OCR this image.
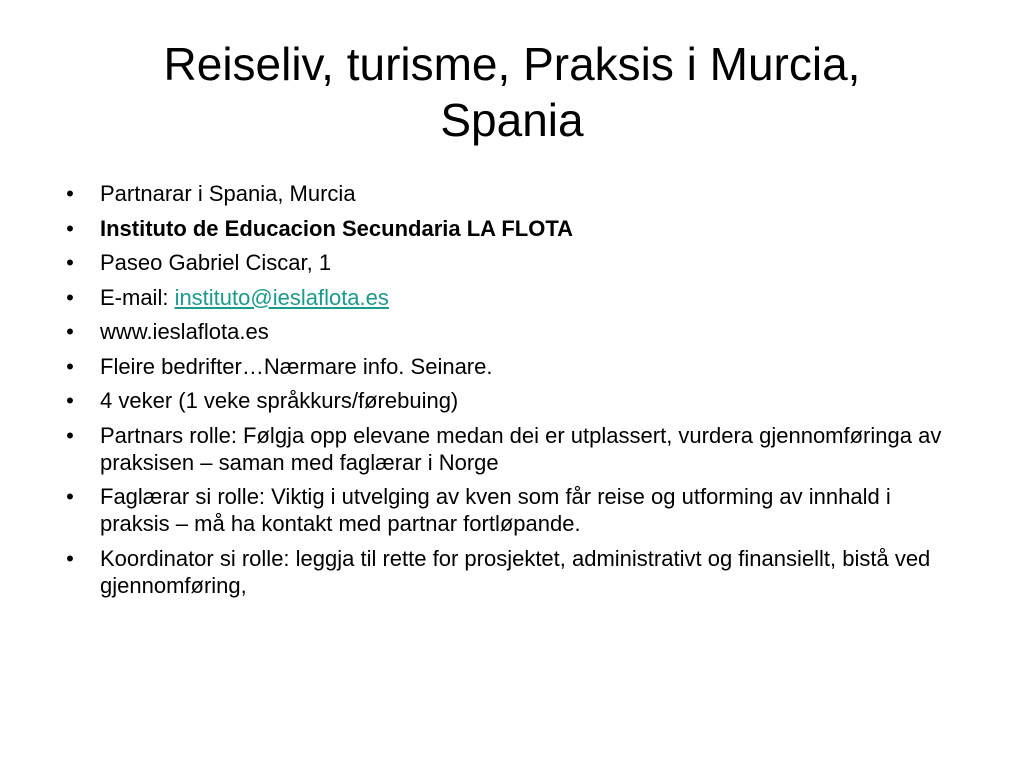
Reiseliv, turisme, Praksis i Murcia,
Spania
• Partnarar i Spania, Murcia
• Instituto de Educacion Secundaria LA FLOTA
• Paseo Gabriel Ciscar, 1
• E-mail: instituto@ieslaflota.es
• www.ieslaflota.es
• Fleire bedrifter…Nærmare info. Seinare.
• 4 veker (1 veke språkkurs/førebuing)
• Partnars rolle: Følgja opp elevane medan dei er utplassert, vurdera gjennomføringa av praksisen – saman med faglærar i Norge
• Faglærar si rolle: Viktig i utvelging av kven som får reise og utforming av innhald i praksis – må ha kontakt med partnar fortløpande.
• Koordinator si rolle: leggja til rette for prosjektet, administrativt og finansiellt, bistå ved gjennomføring,
